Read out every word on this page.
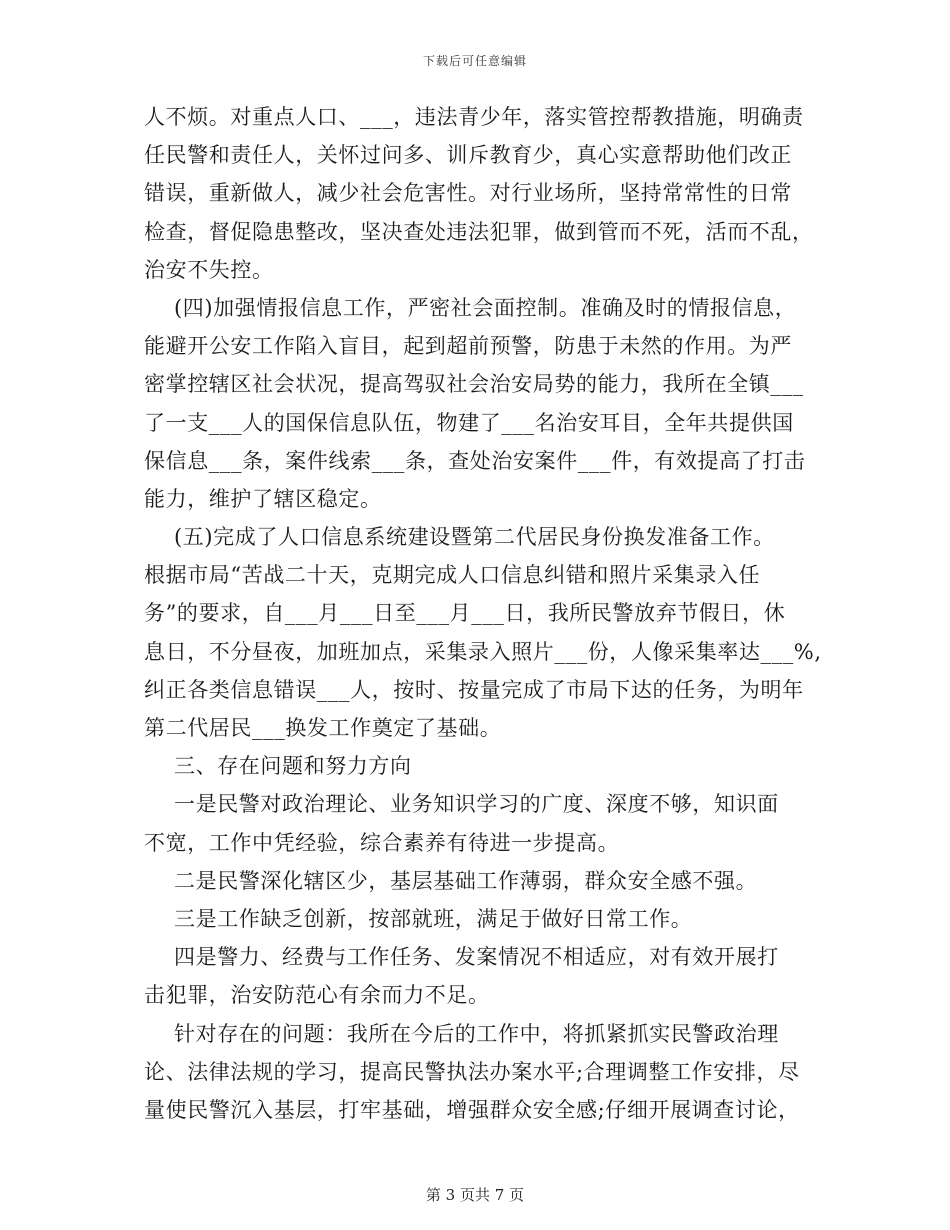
下载后可任意编辑
人不烦。对重点人口、___，违法青少年，落实管控帮教措施，明确责
任民警和责任人，关怀过问多、训斥教育少，真心实意帮助他们改正
错误，重新做人，减少社会危害性。对行业场所，坚持常常性的日常
检查，督促隐患整改，坚决查处违法犯罪，做到管而不死，活而不乱，
治安不失控。
(四)加强情报信息工作，严密社会面控制。准确及时的情报信息，
能避开公安工作陷入盲目，起到超前预警，防患于未然的作用。为严
密掌控辖区社会状况，提高驾驭社会治安局势的能力，我所在全镇___
了一支___人的国保信息队伍，物建了___名治安耳目，全年共提供国
保信息___条，案件线索___条，查处治安案件___件，有效提高了打击
能力，维护了辖区稳定。
(五)完成了人口信息系统建设暨第二代居民身份换发准备工作。
根据市局“苦战二十天，克期完成人口信息纠错和照片采集录入任
务”的要求，自___月___日至___月___日，我所民警放弃节假日，休
息日，不分昼夜，加班加点，采集录入照片___份，人像采集率达___%,
纠正各类信息错误___人，按时、按量完成了市局下达的任务，为明年
第二代居民___换发工作奠定了基础。
三、存在问题和努力方向
一是民警对政治理论、业务知识学习的广度、深度不够，知识面
不宽，工作中凭经验，综合素养有待进一步提高。
二是民警深化辖区少，基层基础工作薄弱，群众安全感不强。
三是工作缺乏创新，按部就班，满足于做好日常工作。
四是警力、经费与工作任务、发案情况不相适应，对有效开展打
击犯罪，治安防范心有余而力不足。
针对存在的问题：我所在今后的工作中，将抓紧抓实民警政治理
论、法律法规的学习，提高民警执法办案水平;合理调整工作安排，尽
量使民警沉入基层，打牢基础，增强群众安全感;仔细开展调查讨论，
第 3 页共 7 页
